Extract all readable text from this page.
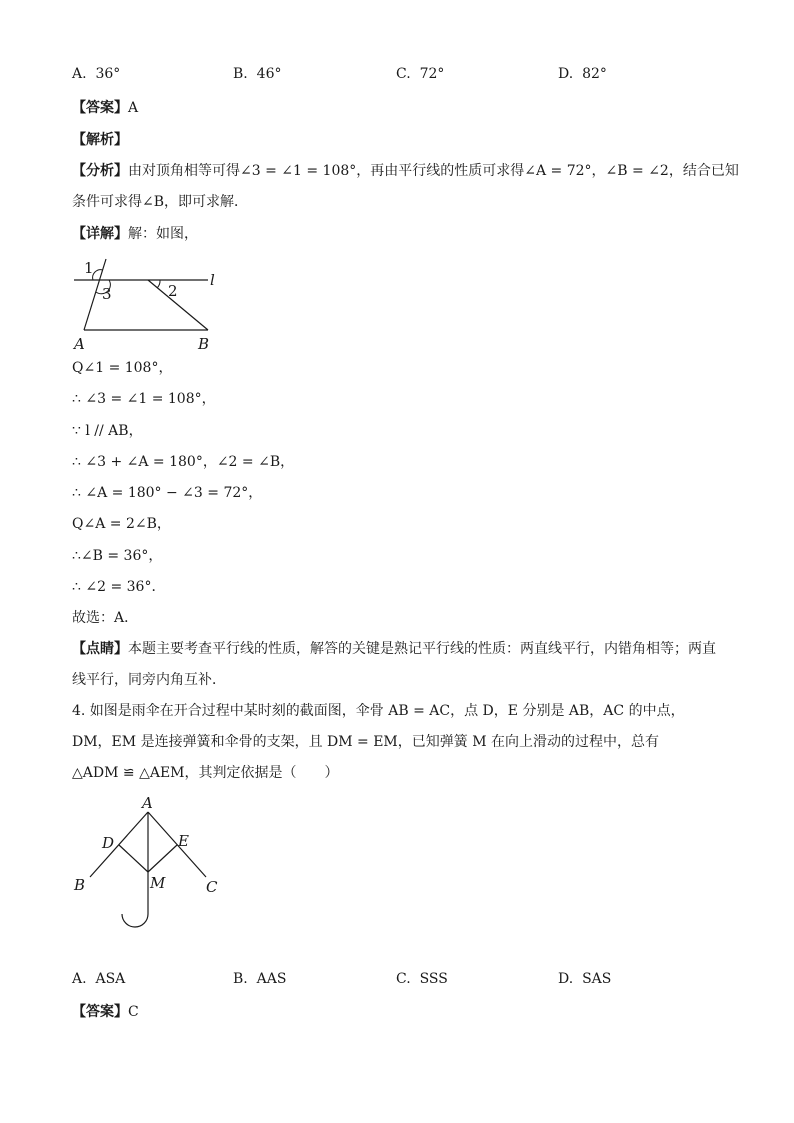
A. 36°	B. 46°	C. 72°	D. 82°
【答案】A
【解析】
【分析】由对顶角相等可得∠3 = ∠1 = 108°，再由平行线的性质可求得∠A = 72°，∠B = ∠2，结合已知
条件可求得∠B，即可求解．
【详解】解：如图，
1
3	2
l
A	B
Q∠1 = 108°，
∴ ∠3 = ∠1 = 108°，
∵ l // AB，
∴ ∠3 + ∠A = 180°，∠2 = ∠B，
∴ ∠A = 180° − ∠3 = 72°，
Q∠A = 2∠B，
∴∠B = 36°，
∴ ∠2 = 36°．
故选：A．
【点睛】本题主要考查平行线的性质，解答的关键是熟记平行线的性质：两直线平行，内错角相等；两直
线平行，同旁内角互补．
4. 如图是雨伞在开合过程中某时刻的截面图，伞骨 AB = AC，点 D，E 分别是 AB，AC 的中点，
DM，EM 是连接弹簧和伞骨的支架，且 DM = EM，已知弹簧 M 在向上滑动的过程中，总有
△ADM ≌ △AEM，其判定依据是（　　）
A
D	E
M
B	C
A. ASA	B. AAS	C. SSS	D. SAS
【答案】C
